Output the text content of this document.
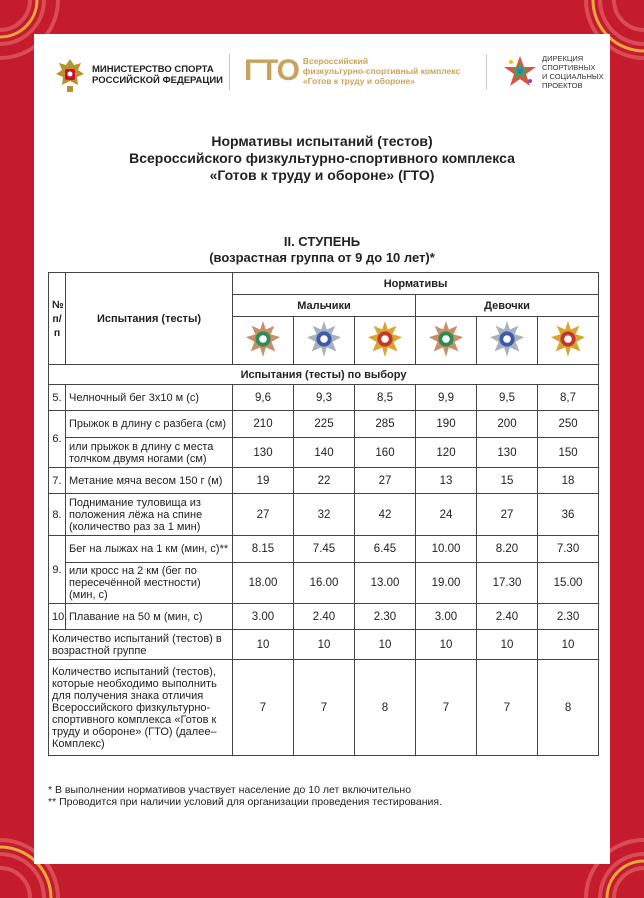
МИНИСТЕРСТВО СПОРТА
РОССИЙСКОЙ ФЕДЕРАЦИИ ГТО Всероссийский
физкультурно-спортивный комплекс
«Готов к труду и обороне»
ДИРЕКЦИЯ
СПОРТИВНЫХ
И СОЦИАЛЬНЫХ
ПРОЕКТОВ
Нормативы испытаний (тестов)
Всероссийского физкультурно-спортивного комплекса
«Готов к труду и обороне» (ГТО)
II. СТУПЕНЬ
(возрастная группа от 9 до 10 лет)*
№ п/п	Испытания (тесты)	Нормативы					
		Мальчики			Девочки		

Испытания (тесты) по выбору							
5.	Челночный бег 3х10 м (с)	9,6	9,3	8,5	9,9	9,5	8,7
6.	Прыжок в длину с разбега (см)	210	225	285	190	200	250
	или прыжок в длину с места толчком двумя ногами (см)	130	140	160	120	130	150
7.	Метание мяча весом 150 г (м)	19	22	27	13	15	18
8.	Поднимание туловища из положения лёжа на спине (количество раз за 1 мин)	27	32	42	24	27	36
9.	Бег на лыжах на 1 км (мин, с)**	8.15	7.45	6.45	10.00	8.20	7.30
	или кросс на 2 км (бег по пересечённой местности) (мин, с)	18.00	16.00	13.00	19.00	17.30	15.00
10.	Плавание на 50 м (мин, с)	3.00	2.40	2.30	3.00	2.40	2.30
Количество испытаний (тестов) в возрастной группе		10	10	10	10	10	10
Количество испытаний (тестов), которые необходимо выполнить для получения знака отличия Всероссийского физкультурно-спортивного комплекса «Готов к труду и обороне» (ГТО) (далее–Комплекс)		7	7	8	7	7	8
* В выполнении нормативов участвует население до 10 лет включительно
** Проводится при наличии условий для организации проведения тестирования.
